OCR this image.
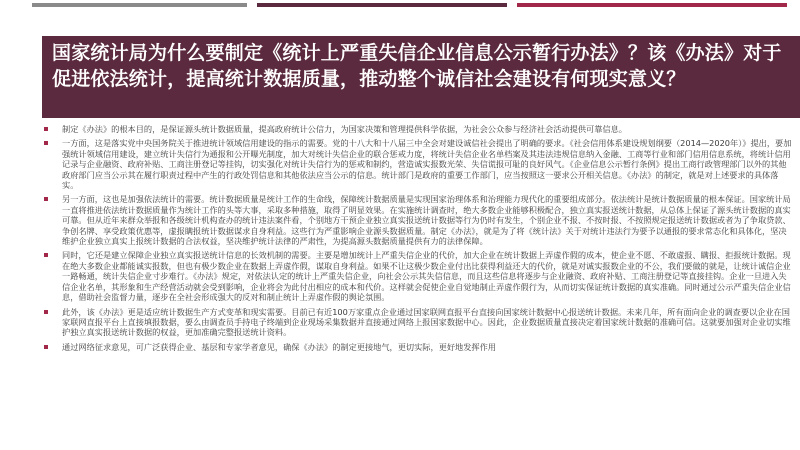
国家统计局为什么要制定《统计上严重失信企业信息公示暂行办法》？该《办法》对于促进依法统计，提高统计数据质量，推动整个诚信社会建设有何现实意义？
制定《办法》的根本目的，是保证源头统计数据质量，提高政府统计公信力，为国家决策和管理提供科学依据，为社会公众参与经济社会活动提供可靠信息。
一方面，这是落实党中央国务院关于推进统计领域信用建设的指示的需要。党的十八大和十八届三中全会对建设诚信社会提出了明确的要求。《社会信用体系建设规划纲要（2014—2020年）》提出，要加强统计领域信用建设，建立统计失信行为通报和公开曝光制度，加大对统计失信企业的联合惩戒力度，将统计失信企业名单档案及其违法违规信息纳入金融、工商等行业和部门信用信息系统，将统计信用记录与企业融资、政府补贴、工商注册登记等挂钩，切实强化对统计失信行为的惩戒和制约，营造诚实报数光荣、失信谎报可耻的良好风气。《企业信息公示暂行条例》提出工商行政管理部门以外的其他政府部门应当公示其在履行职责过程中产生的行政处罚信息和其他依法应当公示的信息。统计部门是政府的重要工作部门，应当按照这一要求公开相关信息。《办法》的制定，就是对上述要求的具体落实。
另一方面，这也是加强依法统计的需要。统计数据质量是统计工作的生命线，保障统计数据质量是实现国家治理体系和治理能力现代化的重要组成部分。依法统计是统计数据质量的根本保证。国家统计局一直将推进依法统计数据质量作为统计工作的头等大事，采取多种措施，取得了明显效果。在实施统计调查时，绝大多数企业能够积极配合，独立真实报送统计数据，从总体上保证了源头统计数据的真实可靠。但从近年来群众举报和各级统计机构查办的统计违法案件看，个别地方干预企业独立真实报送统计数据等行为仍时有发生，个别企业不报、不按时报、不按照规定报送统计数据或者为了争取贷款、争创名牌、享受政策优惠等，虚报瞒报统计数据谋求自身利益。这些行为严重影响企业源头数据质量。制定《办法》，就是为了将《统计法》关于对统计违法行为要予以通报的要求常态化和具体化，坚决维护企业独立真实上报统计数据的合法权益，坚决维护统计法律的严肃性，为提高源头数据质量提供有力的法律保障。
同时，它还是建立保障企业独立真实报送统计信息的长效机制的需要。主要是增加统计上严重失信企业的代价，加大企业在统计数据上弄虚作假的成本，使企业不愿、不敢虚报、瞒报、拒报统计数据。现在绝大多数企业都能诚实报数，但也有极少数企业在数据上弄虚作假，谋取自身利益。如果不让这极少数企业付出比获得利益还大的代价，就是对诚实报数企业的不公，我们要做的就是，让统计诚信企业一路畅通，统计失信企业寸步难行。《办法》规定，对依法认定的统计上严重失信企业，向社会公示其失信信息，而且这些信息将逐步与企业融资、政府补贴、工商注册登记等直接挂钩。企业一旦进入失信企业名单，其形象和生产经营活动就会受到影响，企业将会为此付出相应的成本和代价。这样就会促使企业自觉地制止弄虚作假行为，从而切实保证统计数据的真实准确。同时通过公示严重失信企业信息，借助社会监督力量，逐步在全社会形成强大的反对和制止统计上弄虚作假的舆论氛围。
此外，该《办法》更是适应统计数据生产方式变革和现实需要。目前已有近100万家重点企业通过国家联网直报平台直接向国家统计数据中心报送统计数据。未来几年，所有面向企业的调查要以企业在国家联网直报平台上直接填报数据，要么由调查员手持电子终端到企业现场采集数据并直接通过网络上报国家数据中心。因此，企业数据质量直接决定着国家统计数据的准确可信。这就要加强对企业切实维护独立真实报送统计数据的权益，更加准确完整报送统计资料。
通过网络征求意见，可广泛获得企业、基层和专家学者意见，确保《办法》的制定更接地气，更切实际，更好地发挥作用
